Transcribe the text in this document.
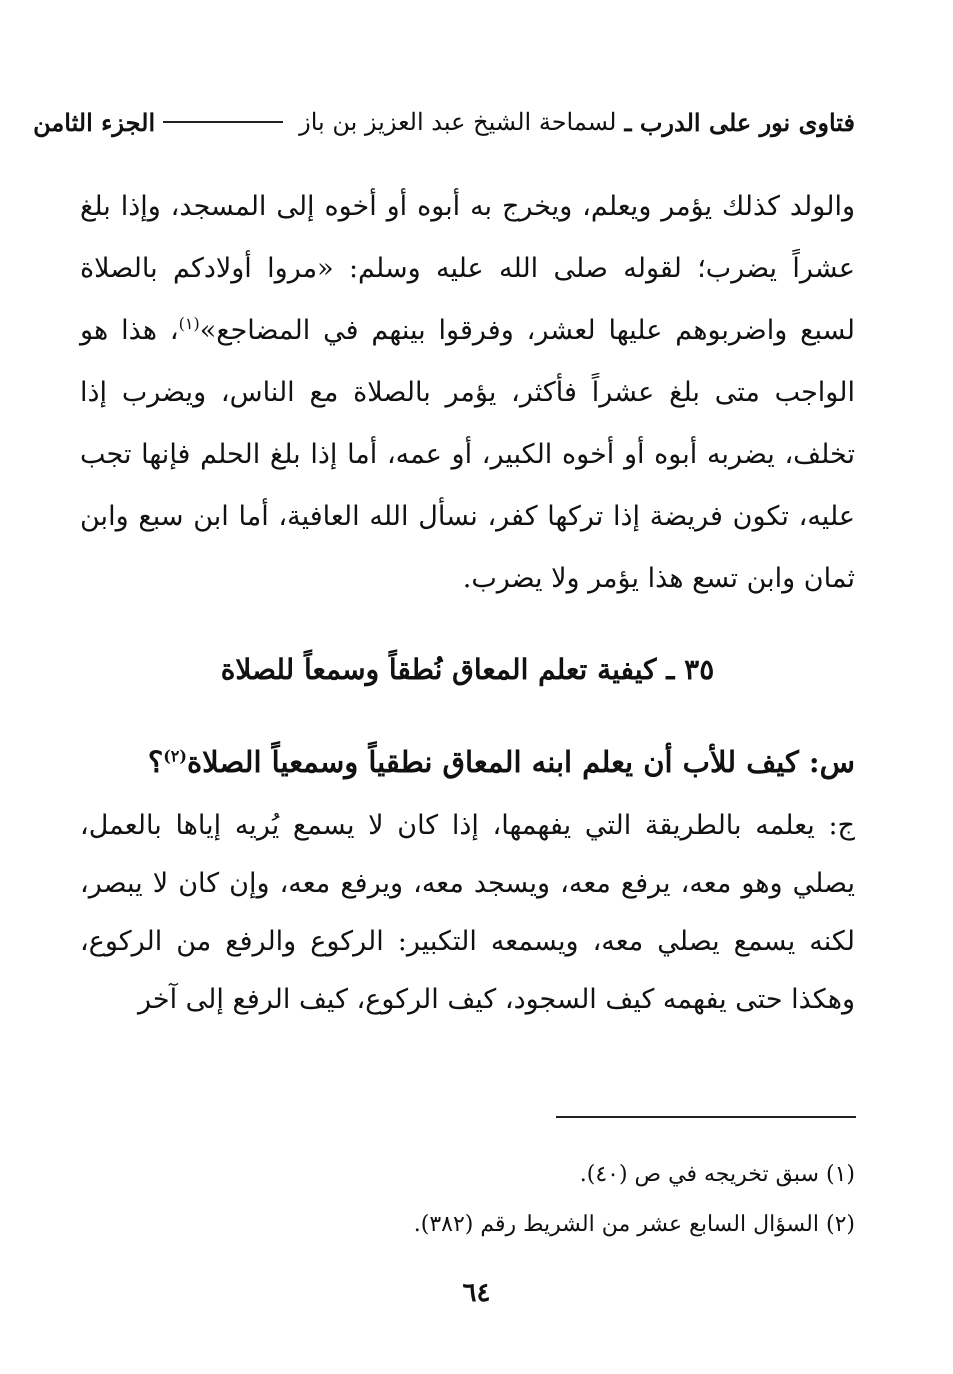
فتاوى نور على الدرب ـ
لسماحة الشيخ عبد العزيز بن باز
الجزء الثامن
والولد كذلك يؤمر ويعلم، ويخرج به أبوه أو أخوه إلى المسجد، وإذا بلغ عشراً يضرب؛ لقوله صلى الله عليه وسلم: «مروا أولادكم بالصلاة لسبع واضربوهم عليها لعشر، وفرقوا بينهم في المضاجع»$^{(١)}$، هذا هو الواجب متى بلغ عشراً فأكثر، يؤمر بالصلاة مع الناس، ويضرب إذا تخلف، يضربه أبوه أو أخوه الكبير، أو عمه، أما إذا بلغ الحلم فإنها تجب عليه، تكون فريضة إذا تركها كفر، نسأل الله العافية، أما ابن سبع وابن ثمان وابن تسع هذا يؤمر ولا يضرب.
٣٥ ـ كيفية تعلم المعاق نُطقاً وسمعاً للصلاة
س: كيف للأب أن يعلم ابنه المعاق نطقياً وسمعياً الصلاة$^{(٢)}$؟
ج: يعلمه بالطريقة التي يفهمها، إذا كان لا يسمع يُريه إياها بالعمل، يصلي وهو معه، يرفع معه، ويسجد معه، ويرفع معه، وإن كان لا يبصر، لكنه يسمع يصلي معه، ويسمعه التكبير: الركوع والرفع من الركوع، وهكذا حتى يفهمه كيف السجود، كيف الركوع، كيف الرفع إلى آخر
(١) سبق تخريجه في ص (٤٠).
(٢) السؤال السابع عشر من الشريط رقم (٣٨٢).
٦٤
